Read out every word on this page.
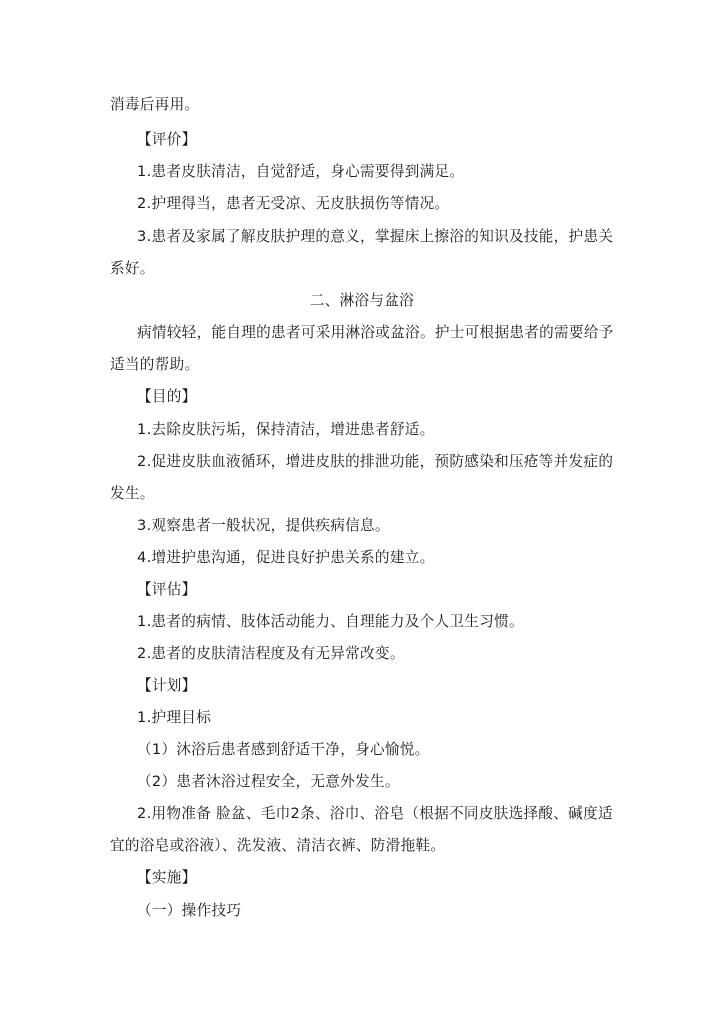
消毒后再用。
【评价】
1.患者皮肤清洁，自觉舒适，身心需要得到满足。
2.护理得当，患者无受凉、无皮肤损伤等情况。
3.患者及家属了解皮肤护理的意义，掌握床上擦浴的知识及技能，护患关
系好。
二、淋浴与盆浴
病情较轻，能自理的患者可采用淋浴或盆浴。护士可根据患者的需要给予
适当的帮助。
【目的】
1.去除皮肤污垢，保持清洁，增进患者舒适。
2.促进皮肤血液循环，增进皮肤的排泄功能，预防感染和压疮等并发症的
发生。
3.观察患者一般状况，提供疾病信息。
4.增进护患沟通，促进良好护患关系的建立。
【评估】
1.患者的病情、肢体活动能力、自理能力及个人卫生习惯。
2.患者的皮肤清洁程度及有无异常改变。
【计划】
1.护理目标
（1）沐浴后患者感到舒适干净，身心愉悦。
（2）患者沐浴过程安全，无意外发生。
2.用物准备 脸盆、毛巾2条、浴巾、浴皂（根据不同皮肤选择酸、碱度适
宜的浴皂或浴液）、洗发液、清洁衣裤、防滑拖鞋。
【实施】
（一）操作技巧
